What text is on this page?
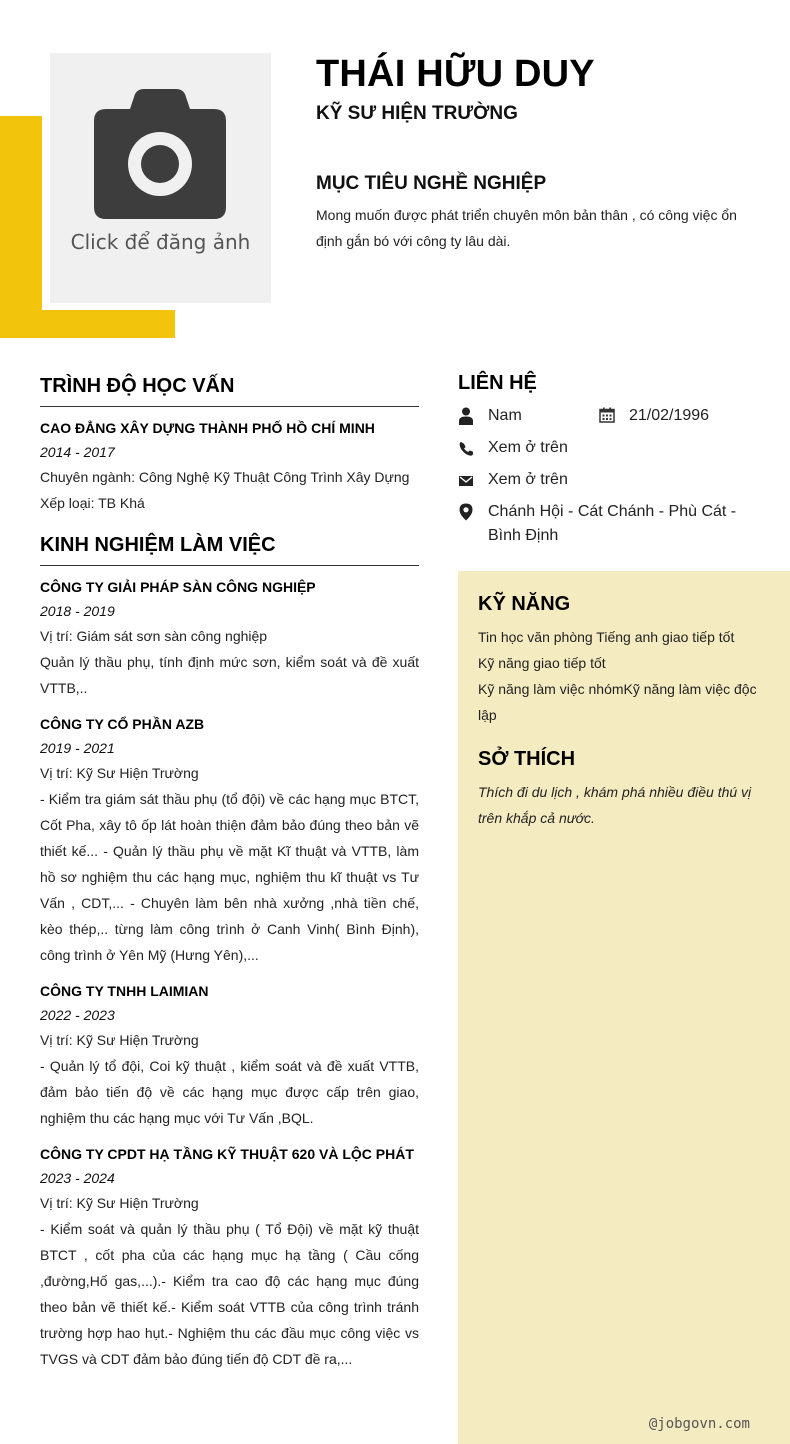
Click để đăng ảnh
THÁI HỮU DUY
KỸ SƯ HIỆN TRƯỜNG
MỤC TIÊU NGHỀ NGHIỆP
Mong muốn được phát triển chuyên môn bản thân , có công việc ổn định gắn bó với công ty lâu dài.
TRÌNH ĐỘ HỌC VẤN
CAO ĐẲNG XÂY DỰNG THÀNH PHỐ HỒ CHÍ MINH
2014 - 2017
Chuyên ngành: Công Nghệ Kỹ Thuật Công Trình Xây Dựng
Xếp loại: TB Khá
KINH NGHIỆM LÀM VIỆC
CÔNG TY GIẢI PHÁP SÀN CÔNG NGHIỆP
2018 - 2019
Vị trí: Giám sát sơn sàn công nghiệp
Quản lý thầu phụ, tính định mức sơn, kiểm soát và đề xuất VTTB,..
CÔNG TY CỔ PHẦN AZB
2019 - 2021
Vị trí: Kỹ Sư Hiện Trường
- Kiểm tra giám sát thầu phụ (tổ đội) về các hạng mục BTCT, Cốt Pha, xây tô ốp lát hoàn thiện đảm bảo đúng theo bản vẽ thiết kế... - Quản lý thầu phụ về mặt Kĩ thuật và VTTB, làm hồ sơ nghiệm thu các hạng mục, nghiệm thu kĩ thuật vs Tư Vấn , CDT,... - Chuyên làm bên nhà xưởng ,nhà tiền chế, kèo thép,.. từng làm công trình ở Canh Vinh( Bình Định), công trình ở Yên Mỹ (Hưng Yên),...
CÔNG TY TNHH LAIMIAN
2022 - 2023
Vị trí: Kỹ Sư Hiện Trường
- Quản lý tổ đội, Coi kỹ thuật , kiểm soát và đề xuất VTTB, đảm bảo tiến độ về các hạng mục được cấp trên giao, nghiệm thu các hạng mục với Tư Vấn ,BQL.
CÔNG TY CPDT HẠ TẦNG KỸ THUẬT 620 VÀ LỘC PHÁT
2023 - 2024
Vị trí: Kỹ Sư Hiện Trường
- Kiểm soát và quản lý thầu phụ ( Tổ Đội) về mặt kỹ thuật BTCT , cốt pha của các hạng mục hạ tầng ( Cầu cống ,đường,Hố gas,...).- Kiểm tra cao độ các hạng mục đúng theo bản vẽ thiết kế.- Kiểm soát VTTB của công trình tránh trường hợp hao hụt.- Nghiệm thu các đầu mục công việc vs TVGS và CDT đảm bảo đúng tiến độ CDT đề ra,...
LIÊN HỆ
Nam	21/02/1996
Xem ở trên
Xem ở trên
Chánh Hội - Cát Chánh - Phù Cát - Bình Định
KỸ NĂNG
Tin học văn phòng Tiếng anh giao tiếp tốt
Kỹ năng giao tiếp tốt
Kỹ năng làm việc nhómKỹ năng làm việc độc lập
SỞ THÍCH
Thích đi du lịch , khám phá nhiều điều thú vị trên khắp cả nước.
@jobgovn.com
